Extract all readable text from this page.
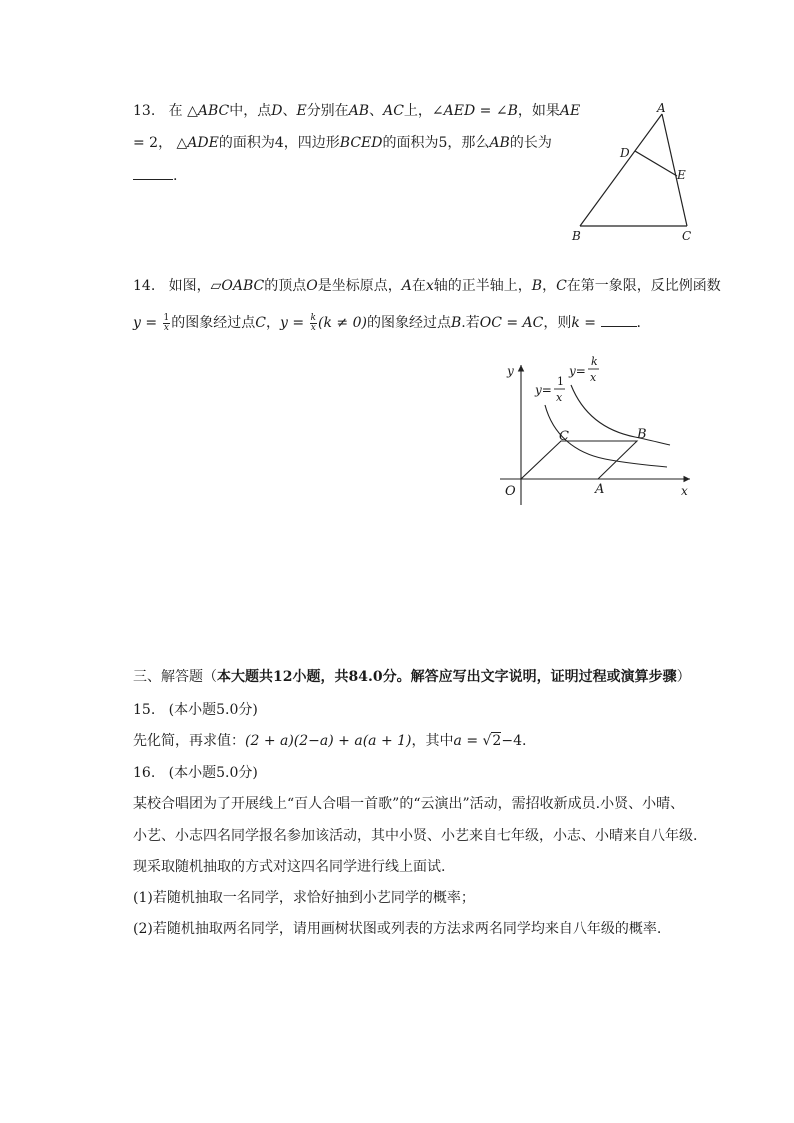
13. 在 △ABC中，点D、E分别在AB、AC上，∠AED = ∠B，如果AE
= 2， △ADE的面积为4，四边形BCED的面积为5，那么AB的长为
.
A
D
E
B	C
14. 如图，▱OABC的顶点O是坐标原点，A在x轴的正半轴上，B，C在第一象限，反比例函数
$y = \frac{1}{x}$ 的图象经过点C，$y = \frac{k}{x} (k \ne 0)$的图象经过点B.若OC = AC，则k =	.
y
x
O	A
B
C
y=
1
x
y=
k
x
三、解答题（本大题共12小题，共84.0分。解答应写出文字说明，证明过程或演算步骤）
15. (本小题5.0分)
先化简，再求值：(2 + a)(2−a) + a(a + 1)，其中a = √2−4.
16. (本小题5.0分)
某校合唱团为了开展线上“百人合唱一首歌”的“云演出”活动，需招收新成员.小贤、小晴、
小艺、小志四名同学报名参加该活动，其中小贤、小艺来自七年级，小志、小晴来自八年级.
现采取随机抽取的方式对这四名同学进行线上面试.
(1)若随机抽取一名同学，求恰好抽到小艺同学的概率；
(2)若随机抽取两名同学，请用画树状图或列表的方法求两名同学均来自八年级的概率.
